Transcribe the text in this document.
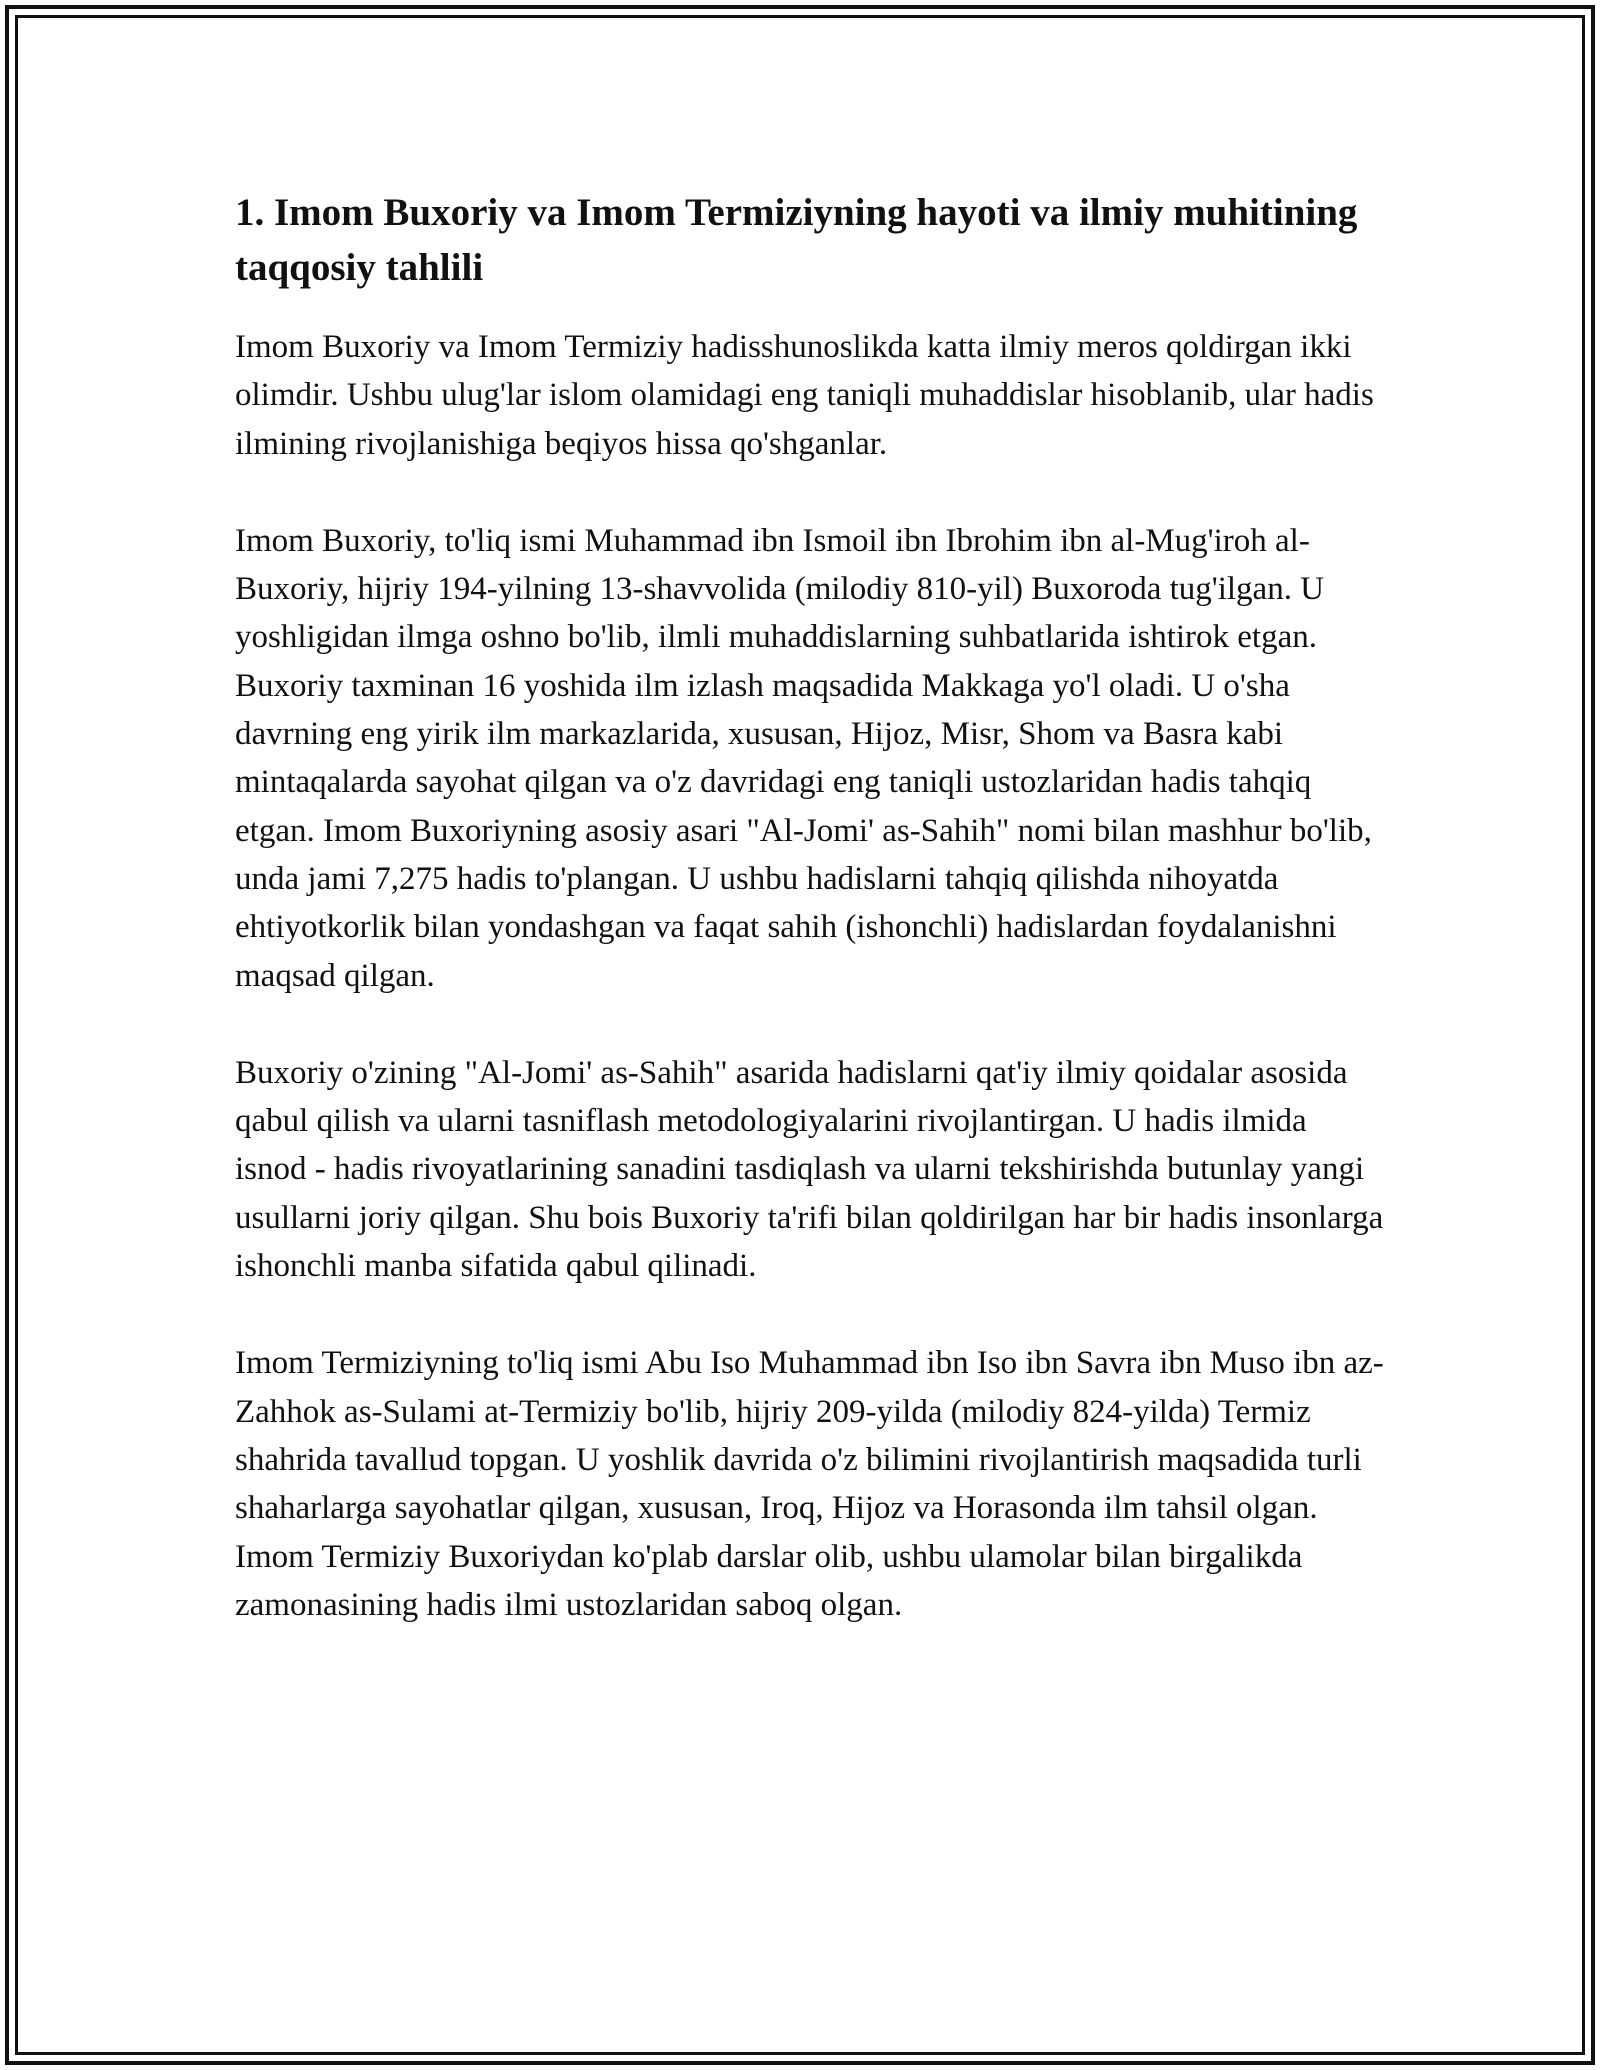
1. Imom Buxoriy va Imom Termiziyning hayoti va ilmiy muhitining taqqosiy tahlili

Imom Buxoriy va Imom Termiziy hadisshunoslikda katta ilmiy meros qoldirgan ikki olimdir. Ushbu ulug'lar islom olamidagi eng taniqli muhaddislar hisoblanib, ular hadis ilmining rivojlanishiga beqiyos hissa qo'shganlar.

Imom Buxoriy, to'liq ismi Muhammad ibn Ismoil ibn Ibrohim ibn al-Mug'iroh al-Buxoriy, hijriy 194-yilning 13-shavvolida (milodiy 810-yil) Buxoroda tug'ilgan. U yoshligidan ilmga oshno bo'lib, ilmli muhaddislarning suhbatlarida ishtirok etgan. Buxoriy taxminan 16 yoshida ilm izlash maqsadida Makkaga yo'l oladi. U o'sha davrning eng yirik ilm markazlarida, xususan, Hijoz, Misr, Shom va Basra kabi mintaqalarda sayohat qilgan va o'z davridagi eng taniqli ustozlaridan hadis tahqiq etgan. Imom Buxoriyning asosiy asari "Al-Jomi' as-Sahih" nomi bilan mashhur bo'lib, unda jami 7,275 hadis to'plangan. U ushbu hadislarni tahqiq qilishda nihoyatda ehtiyotkorlik bilan yondashgan va faqat sahih (ishonchli) hadislardan foydalanishni maqsad qilgan.

Buxoriy o'zining "Al-Jomi' as-Sahih" asarida hadislarni qat'iy ilmiy qoidalar asosida qabul qilish va ularni tasniflash metodologiyalarini rivojlantirgan. U hadis ilmida isnod - hadis rivoyatlarining sanadini tasdiqlash va ularni tekshirishda butunlay yangi usullarni joriy qilgan. Shu bois Buxoriy ta'rifi bilan qoldirilgan har bir hadis insonlarga ishonchli manba sifatida qabul qilinadi.

Imom Termiziyning to'liq ismi Abu Iso Muhammad ibn Iso ibn Savra ibn Muso ibn az-Zahhok as-Sulami at-Termiziy bo'lib, hijriy 209-yilda (milodiy 824-yilda) Termiz shahrida tavallud topgan. U yoshlik davrida o'z bilimini rivojlantirish maqsadida turli shaharlarga sayohatlar qilgan, xususan, Iroq, Hijoz va Horasonda ilm tahsil olgan. Imom Termiziy Buxoriydan ko'plab darslar olib, ushbu ulamolar bilan birgalikda zamonasining hadis ilmi ustozlaridan saboq olgan.
